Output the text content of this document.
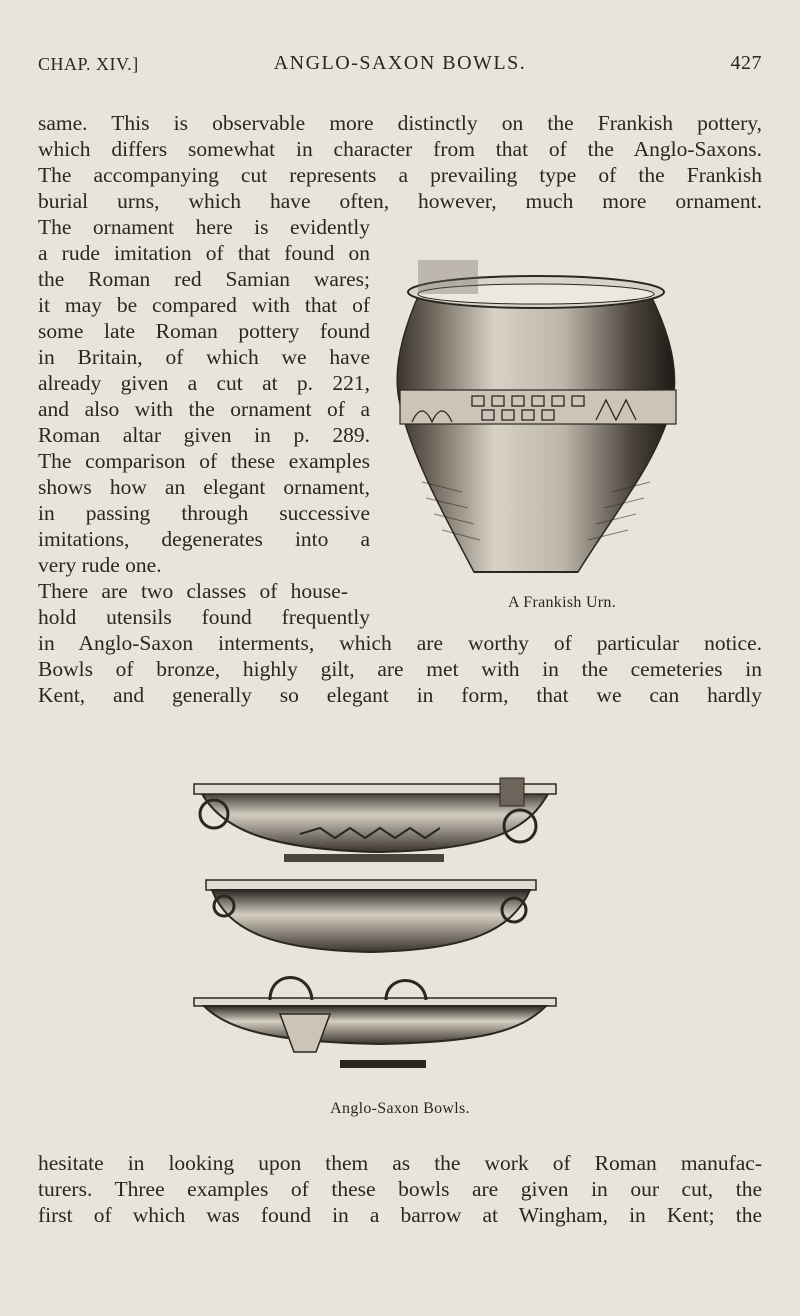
CHAP. XIV.]	ANGLO-SAXON BOWLS.	427
same. This is observable more distinctly on the Frankish pottery,
which differs somewhat in character from that of the Anglo-Saxons.
The accompanying cut represents a prevailing type of the Frankish
burial urns, which have often, however, much more ornament.
The ornament here is evidently
a rude imitation of that found on
the Roman red Samian wares;
it may be compared with that of
some late Roman pottery found
in Britain, of which we have
already given a cut at p. 221,
and also with the ornament of a
Roman altar given in p. 289.
The comparison of these examples
shows how an elegant ornament,
in passing through successive
imitations, degenerates into a
very rude one.
There are two classes of house-
hold utensils found frequently
in Anglo-Saxon interments, which are worthy of particular notice.
Bowls of bronze, highly gilt, are met with in the cemeteries in
Kent, and generally so elegant in form, that we can hardly
A Frankish Urn.
Anglo-Saxon Bowls.
hesitate in looking upon them as the work of Roman manufac-
turers. Three examples of these bowls are given in our cut, the
first of which was found in a barrow at Wingham, in Kent; the
